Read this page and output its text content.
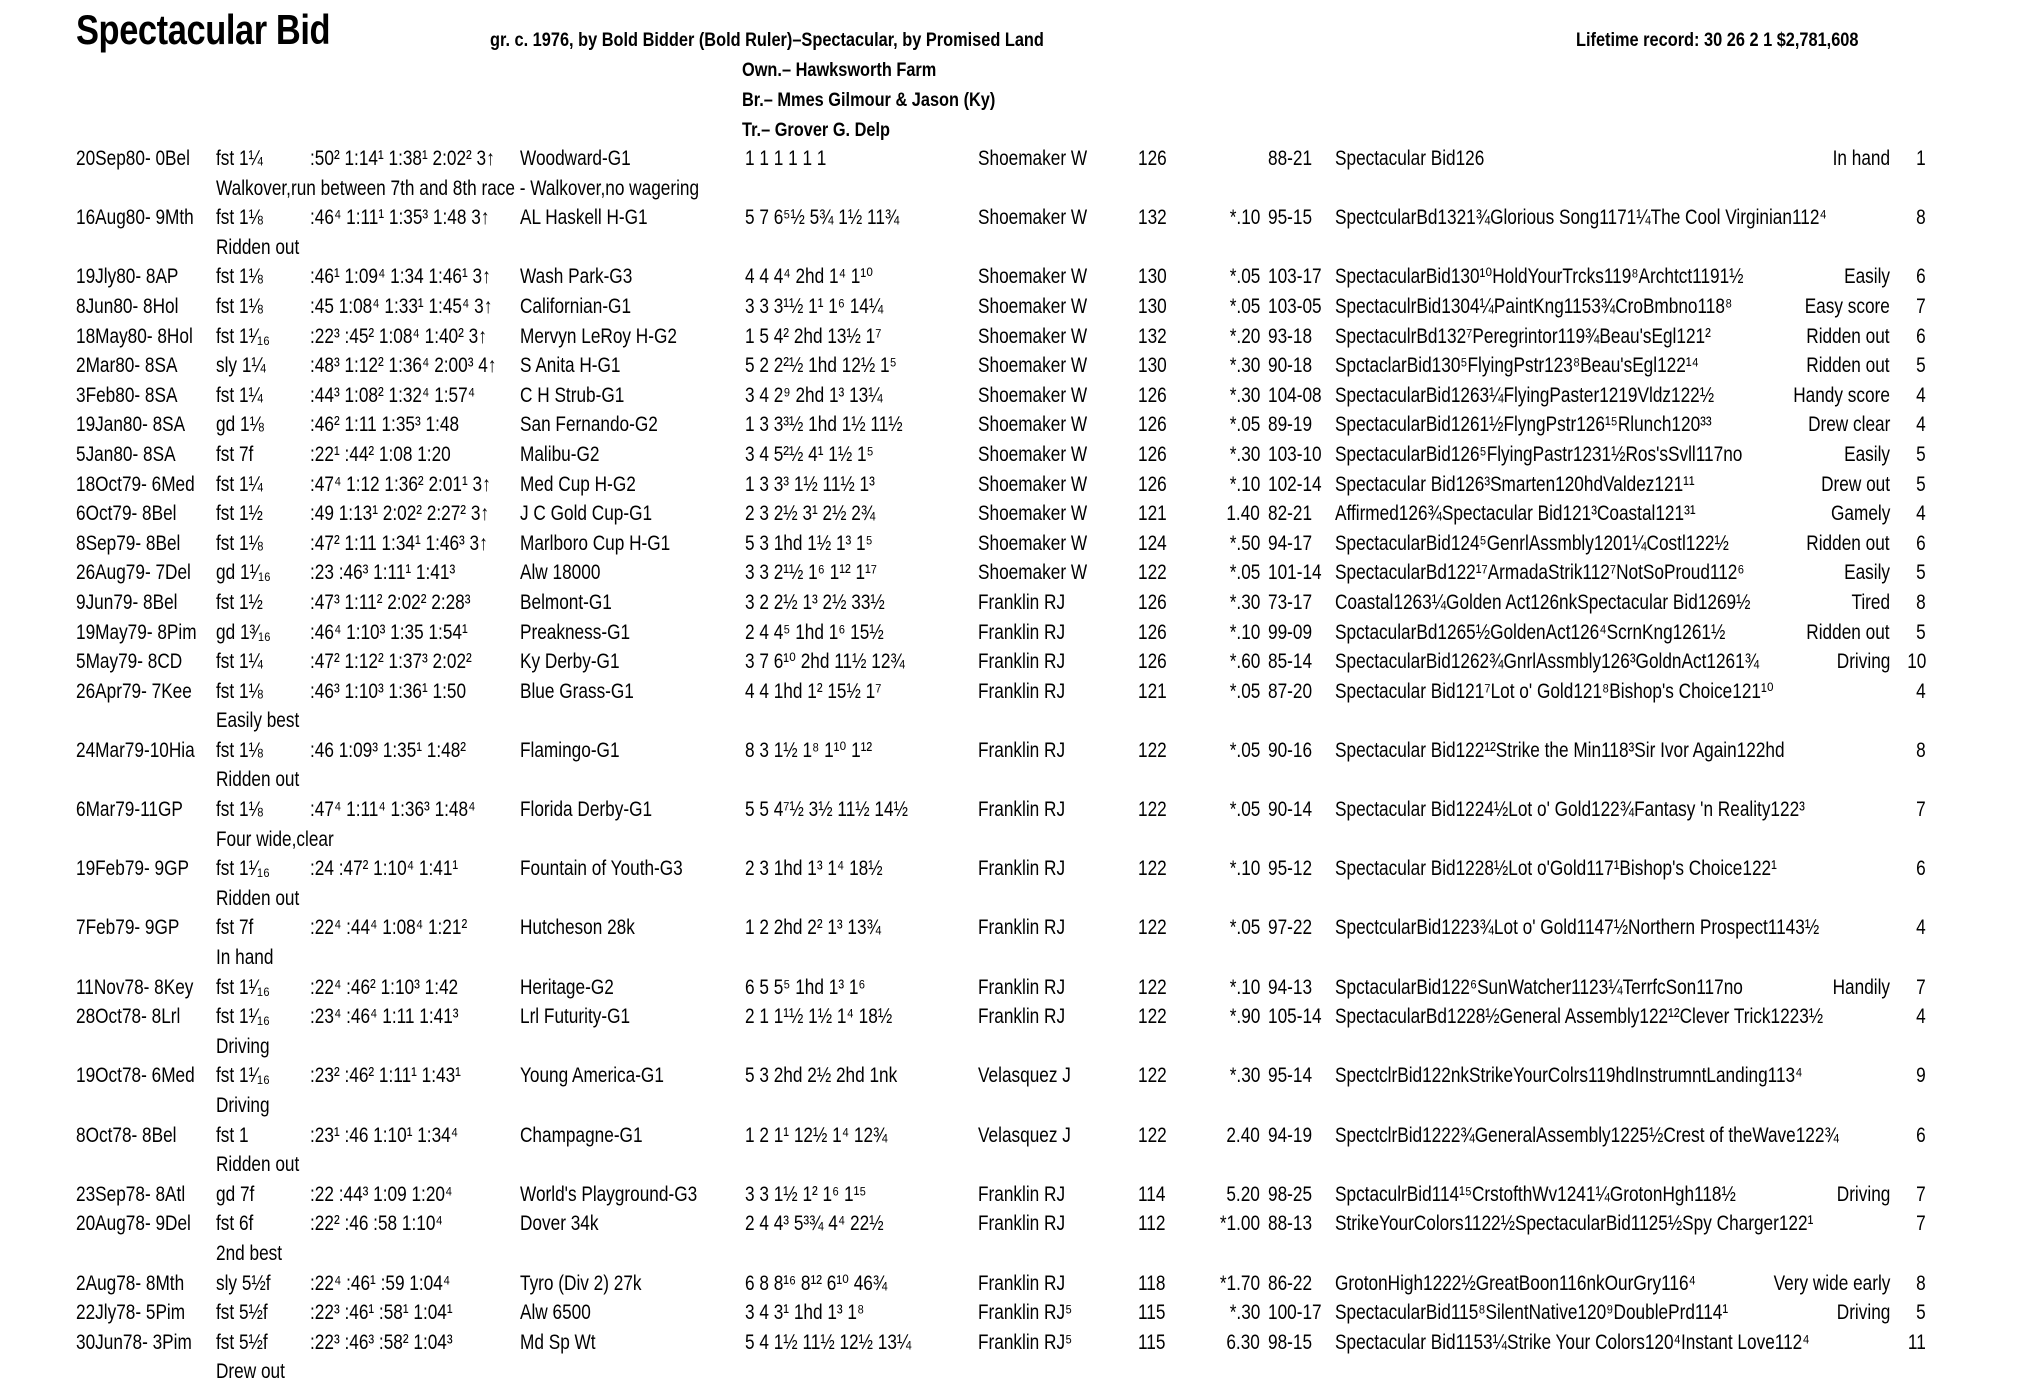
Spectacular Bid	gr. c. 1976, by Bold Bidder (Bold Ruler)–Spectacular, by Promised Land	Lifetime record: 30 26 2 1 $2,781,608
Own.– Hawksworth Farm
Br.– Mmes Gilmour & Jason (Ky)
Tr.– Grover G. Delp
20Sep80- 0Bel fst 1¼ :50² 1:14¹ 1:38¹ 2:02² 3↑ Woodward-G1	1 1 1 1 1 1	Shoemaker W 126	88-21 Spectacular Bid126	In hand 1
Walkover,run between 7th and 8th race - Walkover,no wagering
16Aug80- 9Mth fst 1⅛ :46⁴ 1:11¹ 1:35³ 1:48 3↑ AL Haskell H-G1	5 7 6⁵½ 5¾ 1½ 11¾	Shoemaker W 132	*.10 95-15 SpectcularBd1321¾Glorious Song1171¼The Cool Virginian112⁴	8
Ridden out
19Jly80- 8AP fst 1⅛ :46¹ 1:09⁴ 1:34 1:46¹ 3↑ Wash Park-G3	4 4 4⁴ 2hd 1⁴ 1¹⁰	Shoemaker W 130	*.05 103-17 SpectacularBid130¹⁰HoldYourTrcks119⁸Archtct1191½	Easily 6
8Jun80- 8Hol fst 1⅛ :45 1:08⁴ 1:33¹ 1:45⁴ 3↑ Californian-G1	3 3 3¹½ 1¹ 1⁶ 14¼	Shoemaker W 130	*.05 103-05 SpectaculrBid1304¼PaintKng1153¾CroBmbno118⁸	Easy score 7
18May80- 8Hol fst 1¹⁄₁₆ :22³ :45² 1:08⁴ 1:40² 3↑ Mervyn LeRoy H-G2	1 5 4² 2hd 13½ 1⁷	Shoemaker W 132	*.20 93-18 SpectaculrBd132⁷Peregrintor119¾Beau'sEgl121²	Ridden out 6
2Mar80- 8SA sly 1¼ :48³ 1:12² 1:36⁴ 2:00³ 4↑ S Anita H-G1	5 2 2²½ 1hd 12½ 1⁵	Shoemaker W 130	*.30 90-18 SpctaclarBid130⁵FlyingPstr123⁸Beau'sEgl122¹⁴	Ridden out 5
3Feb80- 8SA fst 1¼ :44³ 1:08² 1:32⁴ 1:57⁴ C H Strub-G1	3 4 2⁹ 2hd 1³ 13¼	Shoemaker W 126	*.30 104-08 SpectacularBid1263¼FlyingPaster1219Vldz122½	Handy score 4
19Jan80- 8SA gd 1⅛ :46² 1:11 1:35³ 1:48	San Fernando-G2	1 3 3³½ 1hd 1½ 11½	Shoemaker W 126	*.05 89-19 SpectacularBid1261½FlyngPstr126¹⁵Rlunch120³³	Drew clear 4
5Jan80- 8SA fst 7f	:22¹ :44² 1:08 1:20	Malibu-G2	3 4 5²½ 4¹ 1½ 1⁵	Shoemaker W 126	*.30 103-10 SpectacularBid126⁵FlyingPastr1231½Ros'sSvll117no	Easily 5
18Oct79- 6Med fst 1¼ :47⁴ 1:12 1:36² 2:01¹ 3↑ Med Cup H-G2	1 3 3³ 1½ 11½ 1³	Shoemaker W 126	*.10 102-14 Spectacular Bid126³Smarten120hdValdez121¹¹	Drew out 5
6Oct79- 8Bel fst 1½ :49 1:13¹ 2:02² 2:27² 3↑ J C Gold Cup-G1	2 3 2½ 3¹ 2½ 2¾	Shoemaker W 121	1.40 82-21 Affirmed126¾Spectacular Bid121³Coastal121³¹	Gamely 4
8Sep79- 8Bel fst 1⅛ :47² 1:11 1:34¹ 1:46³ 3↑ Marlboro Cup H-G1	5 3 1hd 1½ 1³ 1⁵	Shoemaker W 124	*.50 94-17 SpectacularBid124⁵GenrlAssmbly1201¼Costl122½	Ridden out 6
26Aug79- 7Del gd 1¹⁄₁₆ :23 :46³ 1:11¹ 1:41³	Alw 18000	3 3 2¹½ 1⁶ 1¹² 1¹⁷	Shoemaker W 122	*.05 101-14 SpectacularBd122¹⁷ArmadaStrik112⁷NotSoProud112⁶	Easily 5
9Jun79- 8Bel fst 1½ :47³ 1:11² 2:02² 2:28³ Belmont-G1	3 2 2½ 1³ 2½ 33½	Franklin RJ	126	*.30 73-17 Coastal1263¼Golden Act126nkSpectacular Bid1269½	Tired 8
19May79- 8Pim gd 1³⁄₁₆ :46⁴ 1:10³ 1:35 1:54¹ Preakness-G1	2 4 4⁵ 1hd 1⁶ 15½	Franklin RJ	126	*.10 99-09 SpctacularBd1265½GoldenAct126⁴ScrnKng1261½	Ridden out 5
5May79- 8CD fst 1¼ :47² 1:12² 1:37³ 2:02² Ky Derby-G1	3 7 6¹⁰ 2hd 11½ 12¾	Franklin RJ	126	*.60 85-14 SpectacularBid1262¾GnrlAssmbly126³GoldnAct1261¾	Driving 10
26Apr79- 7Kee fst 1⅛ :46³ 1:10³ 1:36¹ 1:50	Blue Grass-G1	4 4 1hd 1² 15½ 1⁷	Franklin RJ	121	*.05 87-20 Spectacular Bid121⁷Lot o' Gold121⁸Bishop's Choice121¹⁰	4
Easily best
24Mar79-10Hia fst 1⅛ :46 1:09³ 1:35¹ 1:48²	Flamingo-G1	8 3 1½ 1⁸ 1¹⁰ 1¹²	Franklin RJ	122	*.05 90-16 Spectacular Bid122¹²Strike the Min118³Sir Ivor Again122hd	8
Ridden out
6Mar79-11GP fst 1⅛ :47⁴ 1:11⁴ 1:36³ 1:48⁴ Florida Derby-G1	5 5 4⁷½ 3½ 11½ 14½	Franklin RJ	122	*.05 90-14 Spectacular Bid1224½Lot o' Gold122¾Fantasy 'n Reality122³	7
Four wide,clear
19Feb79- 9GP fst 1¹⁄₁₆ :24 :47² 1:10⁴ 1:41¹	Fountain of Youth-G3	2 3 1hd 1³ 1⁴ 18½	Franklin RJ	122	*.10 95-12 Spectacular Bid1228½Lot o'Gold117¹Bishop's Choice122¹	6
Ridden out
7Feb79- 9GP fst 7f	:22⁴ :44⁴ 1:08⁴ 1:21²	Hutcheson 28k	1 2 2hd 2² 1³ 13¾	Franklin RJ	122	*.05 97-22 SpectcularBid1223¾Lot o' Gold1147½Northern Prospect1143½	4
In hand
11Nov78- 8Key fst 1¹⁄₁₆ :22⁴ :46² 1:10³ 1:42	Heritage-G2	6 5 5⁵ 1hd 1³ 1⁶	Franklin RJ	122	*.10 94-13 SpctacularBid122⁶SunWatcher1123¼TerrfcSon117no	Handily 7
28Oct78- 8Lrl fst 1¹⁄₁₆ :23⁴ :46⁴ 1:11 1:41³	Lrl Futurity-G1	2 1 1¹½ 1½ 1⁴ 18½	Franklin RJ	122	*.90 105-14 SpectacularBd1228½General Assembly122¹²Clever Trick1223½	4
Driving
19Oct78- 6Med fst 1¹⁄₁₆ :23² :46² 1:11¹ 1:43¹	Young America-G1	5 3 2hd 2½ 2hd 1nk	Velasquez J	122	*.30 95-14 SpectclrBid122nkStrikeYourColrs119hdInstrumntLanding113⁴	9
Driving
8Oct78- 8Bel fst 1	:23¹ :46 1:10¹ 1:34⁴	Champagne-G1	1 2 1¹ 12½ 1⁴ 12¾	Velasquez J	122	2.40 94-19 SpectclrBid1222¾GeneralAssembly1225½Crest of theWave122¾	6
Ridden out
23Sep78- 8Atl gd 7f	:22 :44³ 1:09 1:20⁴	World's Playground-G3 3 3 1½ 1² 1⁶ 1¹⁵	Franklin RJ	114	5.20 98-25 SpctaculrBid114¹⁵CrstofthWv1241¼GrotonHgh118½	Driving 7
20Aug78- 9Del fst 6f	:22² :46 :58 1:10⁴	Dover 34k	2 4 4³ 5³¾ 4⁴ 22½	Franklin RJ	112	*1.00 88-13 StrikeYourColors1122½SpectacularBid1125½Spy Charger122¹	7
2nd best
2Aug78- 8Mth sly 5½f :22⁴ :46¹ :59 1:04⁴	Tyro (Div 2) 27k	6 8 8¹⁶ 8¹² 6¹⁰ 46¾	Franklin RJ	118	*1.70 86-22 GrotonHigh1222½GreatBoon116nkOurGry116⁴	Very wide early 8
22Jly78- 5Pim fst 5½f :22³ :46¹ :58¹ 1:04¹	Alw 6500	3 4 3¹ 1hd 1³ 1⁸	Franklin RJ⁵	115	*.30 100-17 SpectacularBid115⁸SilentNative120⁹DoublePrd114¹	Driving 5
30Jun78- 3Pim fst 5½f :22³ :46³ :58² 1:04³	Md Sp Wt	5 4 1½ 11½ 12½ 13¼	Franklin RJ⁵	115	6.30 98-15 Spectacular Bid1153¼Strike Your Colors120⁴Instant Love112⁴	11
Drew out
